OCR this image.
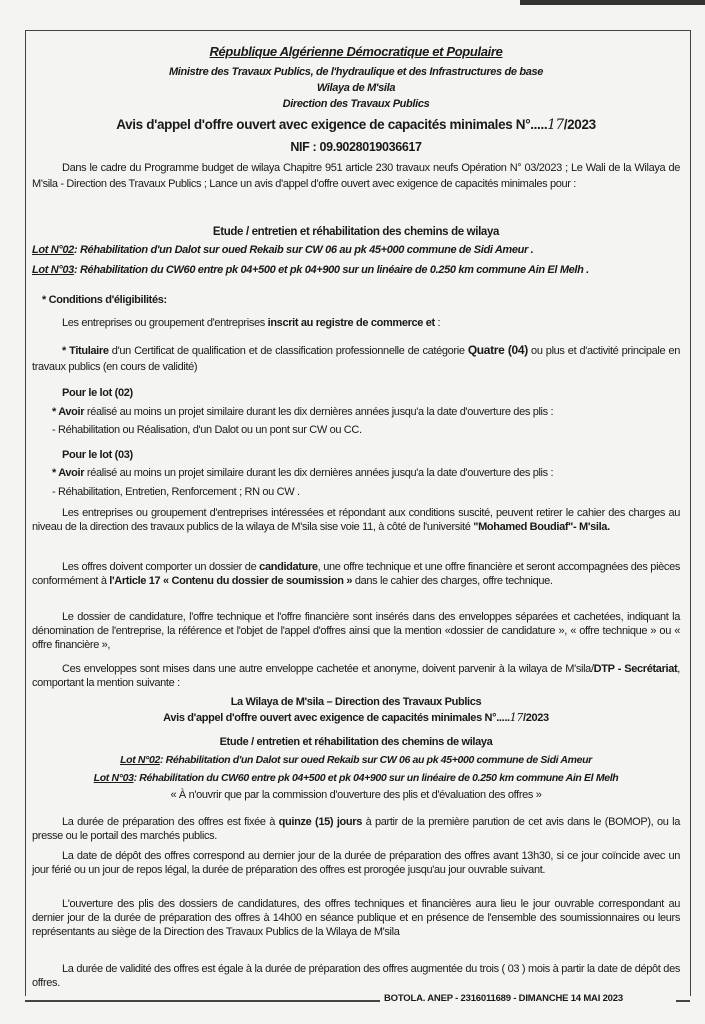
République Algérienne Démocratique et Populaire
Ministre des Travaux Publics, de l'hydraulique et des Infrastructures de base
Wilaya de M'sila
Direction des Travaux Publics
Avis d'appel d'offre ouvert avec exigence de capacités minimales N°.....17/2023
NIF : 09.9028019036617
Dans le cadre du Programme budget de wilaya Chapitre 951 article 230 travaux neufs Opération N° 03/2023 ; Le Wali de la Wilaya de M'sila - Direction des Travaux Publics ; Lance un avis d'appel d'offre ouvert avec exigence de capacités minimales pour :
Etude / entretien et réhabilitation des chemins de wilaya
Lot N°02: Réhabilitation d'un Dalot sur oued Rekaib sur CW 06 au pk 45+000 commune de Sidi Ameur .
Lot N°03: Réhabilitation du CW60 entre pk 04+500 et pk 04+900 sur un linéaire de 0.250 km commune Ain El Melh .
* Conditions d'éligibilités:
Les entreprises ou groupement d'entreprises inscrit au registre de commerce et :
* Titulaire d'un Certificat de qualification et de classification professionnelle de catégorie Quatre (04) ou plus et d'activité principale en travaux publics (en cours de validité)
Pour le lot (02)
* Avoir réalisé au moins un projet similaire durant les dix dernières années jusqu'a la date d'ouverture des plis :
- Réhabilitation ou Réalisation, d'un Dalot ou un pont sur CW ou CC.
Pour le lot (03)
* Avoir réalisé au moins un projet similaire durant les dix dernières années jusqu'a la date d'ouverture des plis :
- Réhabilitation, Entretien, Renforcement ; RN ou CW .
Les entreprises ou groupement d'entreprises intéressées et répondant aux conditions suscité, peuvent retirer le cahier des charges au niveau de la direction des travaux publics de la wilaya de M'sila sise voie 11, à côté de l'université "Mohamed Boudiaf"- M'sila.
Les offres doivent comporter un dossier de candidature, une offre technique et une offre financière et seront accompagnées des pièces conformément à l'Article 17 « Contenu du dossier de soumission » dans le cahier des charges, offre technique.
Le dossier de candidature, l'offre technique et l'offre financière sont insérés dans des enveloppes séparées et cachetées, indiquant la dénomination de l'entreprise, la référence et l'objet de l'appel d'offres ainsi que la mention «dossier de candidature », « offre technique » ou « offre financière »,
Ces enveloppes sont mises dans une autre enveloppe cachetée et anonyme, doivent parvenir à la wilaya de M'sila/DTP - Secrétariat, comportant la mention suivante :
La Wilaya de M'sila – Direction des Travaux Publics
Avis d'appel d'offre ouvert avec exigence de capacités minimales N°.....17/2023
Etude / entretien et réhabilitation des chemins de wilaya
Lot N°02: Réhabilitation d'un Dalot sur oued Rekaib sur CW 06 au pk 45+000 commune de Sidi Ameur
Lot N°03: Réhabilitation du CW60 entre pk 04+500 et pk 04+900 sur un linéaire de 0.250 km commune Ain El Melh
« À n'ouvrir que par la commission d'ouverture des plis et d'évaluation des offres »
La durée de préparation des offres est fixée à quinze (15) jours à partir de la première parution de cet avis dans le (BOMOP), ou la presse ou le portail des marchés publics.
La date de dépôt des offres correspond au dernier jour de la durée de préparation des offres avant 13h30, si ce jour coïncide avec un jour férié ou un jour de repos légal, la durée de préparation des offres est prorogée jusqu'au jour ouvrable suivant.
L'ouverture des plis des dossiers de candidatures, des offres techniques et financières aura lieu le jour ouvrable correspondant au dernier jour de la durée de préparation des offres à 14h00 en séance publique et en présence de l'ensemble des soumissionnaires ou leurs représentants au siège de la Direction des Travaux Publics de la Wilaya de M'sila
La durée de validité des offres est égale à la durée de préparation des offres augmentée du trois ( 03 ) mois à partir la date de dépôt des offres.
BOTOLA. ANEP - 2316011689 - DIMANCHE 14 MAI 2023
